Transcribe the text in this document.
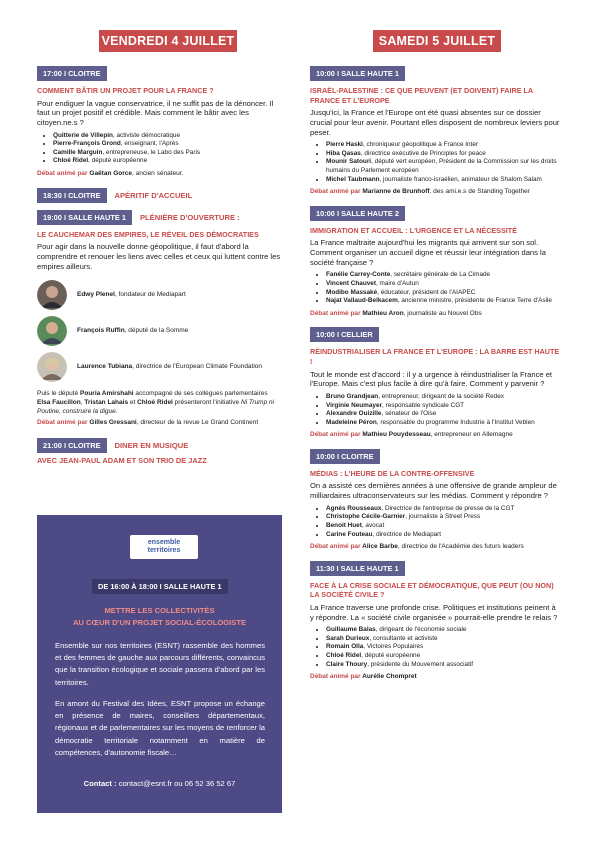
VENDREDI 4 JUILLET	SAMEDI 5 JUILLET
17:00 I CLOITRE
COMMENT BÂTIR UN PROJET POUR LA FRANCE ?

Pour endiguer la vague conservatrice, il ne suffit pas de la dénoncer. Il faut un projet positif et crédible. Mais comment le bâtir avec les citoyen.ne.s ?

• Quitterie de Villepin, activiste démocratique
• Pierre-François Grond, enseignant, l'Après
• Camille Marguin, entrepreneuse, le Labo des Paris
• Chloé Ridel, député européenne

Débat animé par Gaëtan Gorce, ancien sénateur.

18:30 I CLOITRE	APÉRITIF D'ACCUEIL
19:00 I SALLE HAUTE 1	PLÉNIÈRE D'OUVERTURE :
LE CAUCHEMAR DES EMPIRES, LE RÉVEIL DES DÉMOCRATIES

Pour agir dans la nouvelle donne géopolitique, il faut d'abord la comprendre et renouer les liens avec celles et ceux qui luttent contre les empires ailleurs.

Edwy Plenel, fondateur de Mediapart
François Ruffin, député de la Somme
Laurence Tubiana, directrice de l'European Climate Foundation

Puis le député Pouria Amirshahi accompagné de ses collègues parlementaires Elsa Faucillon, Tristan Lahais et Chloé Ridel présenteront l'initiative Ni Trump ni Poutine, construire la digue.

Débat animé par Gilles Gressani, directeur de la revue Le Grand Continent

21:00 I CLOITRE	DINER EN MUSIQUE
AVEC JEAN-PAUL ADAM ET SON TRIO DE JAZZ
ensemble
territoires
DE 16:00 À 18:00 I SALLE HAUTE 1
METTRE LES COLLECTIVITÉS
AU CŒUR D'UN PROJET SOCIAL-ÉCOLOGISTE

Ensemble sur nos territoires (ESNT) rassemble des hommes et des femmes de gauche aux parcours différents, convaincus que la transition écologique et sociale passera d'abord par les territoires.

En amont du Festival des Idées, ESNT propose un échange en présence de maires, conseillers départementaux, régionaux et de parlementaires sur les moyens de renforcer la démocratie territoriale notamment en matière de compétences, d'autonomie fiscale…

Contact : contact@esnt.fr ou 06 52 36 52 67
10:00 I SALLE HAUTE 1
ISRAËL-PALESTINE : CE QUE PEUVENT (ET DOIVENT) FAIRE LA FRANCE ET L'EUROPE

Jusqu'ici, la France et l'Europe ont été quasi absentes sur ce dossier crucial pour leur avenir. Pourtant elles disposent de nombreux leviers pour peser.

• Pierre Haski, chroniqueur géopolitique à France Inter
• Hiba Qasas, directrice exécutive de Principles for peace
• Mounir Satouri, député vert européen, Président de la Commission sur les droits humains du Parlement européen
• Michel Taubmann, journaliste franco-israélien, animateur de Shalom Salam

Débat animé par Marianne de Brunhoff, des ami.e.s de Standing Together

10:00 I SALLE HAUTE 2
IMMIGRATION ET ACCUEIL : L'URGENCE ET LA NÉCESSITÉ

La France maltraite aujourd'hui les migrants qui arrivent sur son sol. Comment organiser un accueil digne et réussir leur intégration dans la société française ?

• Fanélie Carrey-Conte, secrétaire générale de La Cimade
• Vincent Chauvet, maire d'Autun
• Modibo Massaké, éducateur, président de l'AIAPEC
• Najat Vallaud-Belkacem, ancienne ministre, présidente de France Terre d'Asile

Débat animé par Mathieu Aron, journaliste au Nouvel Obs

10:00 I CELLIER
RÉINDUSTRIALISER LA FRANCE ET L'EUROPE : LA BARRE EST HAUTE !

Tout le monde est d'accord : il y a urgence à réindustrialiser la France et l'Europe. Mais c'est plus facile à dire qu'à faire. Comment y parvenir ?

• Bruno Grandjean, entrepreneur, dirigeant de la société Redex
• Virginie Neumayer, responsable syndicale CGT
• Alexandre Ouizille, sénateur de l'Oise
• Madeleine Péron, responsable du programme Industrie à l'Institut Veblen

Débat animé par Mathieu Pouydesseau, entrepreneur en Allemagne

10:00 I CLOITRE
MÉDIAS : L'HEURE DE LA CONTRE-OFFENSIVE

On a assisté ces dernières années à une offensive de grande ampleur de milliardaires ultraconservateurs sur les médias. Comment y répondre ?

• Agnès Rousseaux, Directrice de l'entreprise de presse de la CGT
• Christophe Cécile-Garnier, journaliste à Street Press
• Benoit Huet, avocat
• Carine Fouteau, directrice de Mediapart

Débat animé par Alice Barbe, directrice de l'Académie des futurs leaders

11:30 I SALLE HAUTE 1
FACE À LA CRISE SOCIALE ET DÉMOCRATIQUE, QUE PEUT (OU NON) LA SOCIÉTÉ CIVILE ?

La France traverse une profonde crise. Politiques et institutions peinent à y répondre. La « société civile organisée » pourrait-elle prendre le relais ?

• Guillaume Balas, dirigeant de l'économie sociale
• Sarah Durieux, consultante et activiste
• Romain Olla, Victoires Populaires
• Chloé Ridel, député européenne
• Claire Thoury, présidente du Mouvement associatif

Débat animé par Aurélie Chompret
